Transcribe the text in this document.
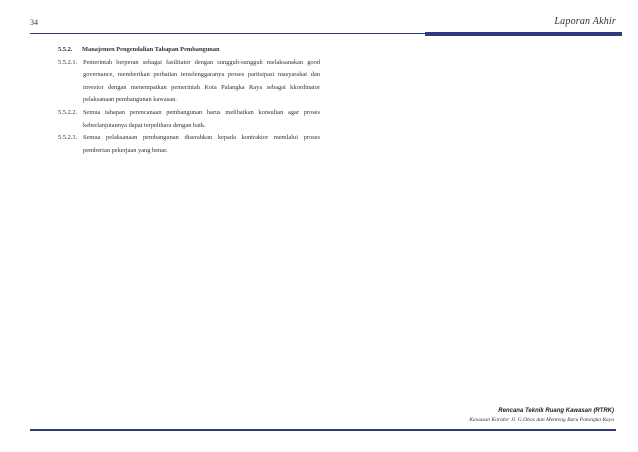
34	Laporan Akhir
5.5.2.	Manajemen Pengendalian Tahapan Pembangunan
5.5.2.1. Pemerintah berperan sebagai fasilitator dengan sungguh-sungguh melaksanakan good governance, memberikan perhatian terselenggaranya proses partisipasi masyarakat dan investor dengan menempatkan pemerintah Kota Palangka Raya sebagai kkordinator pelaksanaan pembangunan kawasan.
5.5.2.2. Semua tahapan perencanaan pembangunan harus melibatkan konsultan agar proses keberlanjutannya dapat terpelihara dengan baik.
5.5.2.3. Semua pelaksanaan pembangunan diserahkan kepada kontraktor memlalui proses pemberian pekerjaan yang benar.
Rencana Teknik Ruang Kawasan (RTRK)
Kawasan Koridor Jl. G.Obos dan Menteng Baru Palangka Raya
